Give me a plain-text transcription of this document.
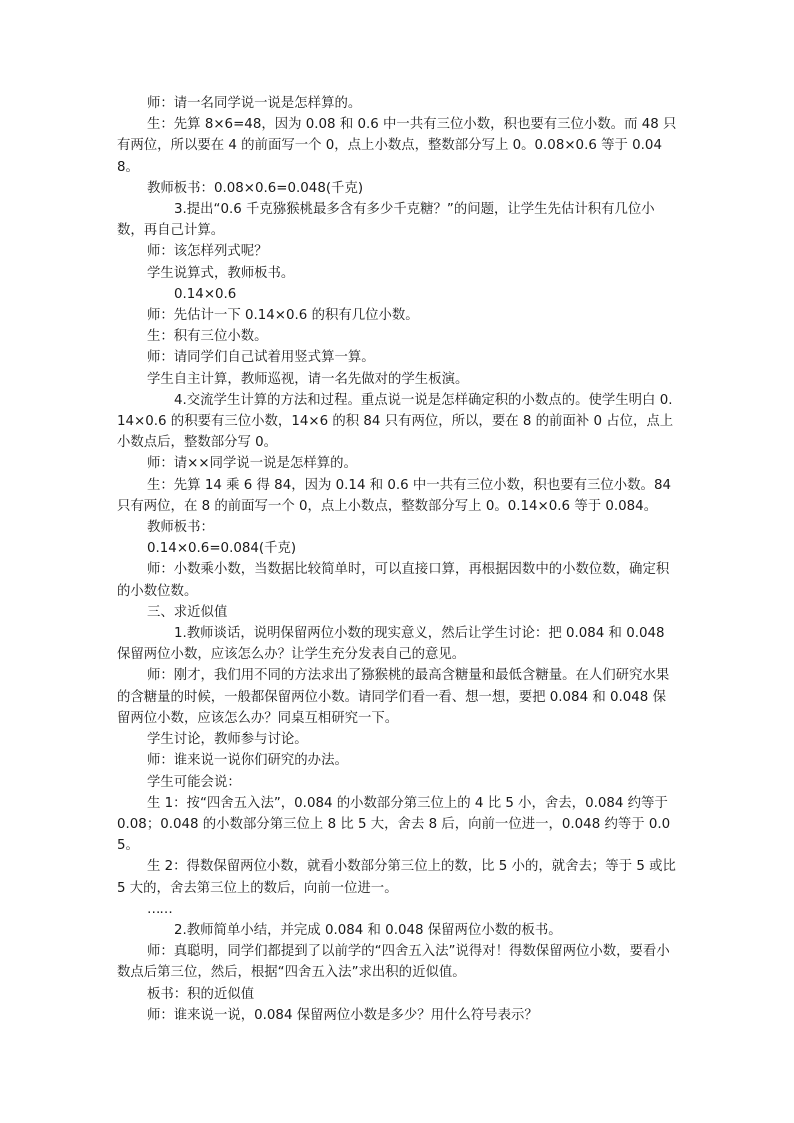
师：请一名同学说一说是怎样算的。

生：先算 8×6=48，因为 0.08 和 0.6 中一共有三位小数，积也要有三位小数。而 48 只有两位，所以要在 4 的前面写一个 0，点上小数点，整数部分写上 0。0.08×0.6 等于 0.048。

教师板书：0.08×0.6=0.048(千克)

3.提出“0.6 千克猕猴桃最多含有多少千克糖？”的问题，让学生先估计积有几位小数，再自己计算。

师：该怎样列式呢？

学生说算式，教师板书。

0.14×0.6

师：先估计一下 0.14×0.6 的积有几位小数。

生：积有三位小数。

师：请同学们自己试着用竖式算一算。

学生自主计算，教师巡视，请一名先做对的学生板演。

4.交流学生计算的方法和过程。重点说一说是怎样确定积的小数点的。使学生明白 0.14×0.6 的积要有三位小数，14×6 的积 84 只有两位，所以，要在 8 的前面补 0 占位，点上小数点后，整数部分写 0。

师：请××同学说一说是怎样算的。

生：先算 14 乘 6 得 84，因为 0.14 和 0.6 中一共有三位小数，积也要有三位小数。84 只有两位，在 8 的前面写一个 0，点上小数点，整数部分写上 0。0.14×0.6 等于 0.084。

教师板书：

0.14×0.6=0.084(千克)

师：小数乘小数，当数据比较简单时，可以直接口算，再根据因数中的小数位数，确定积的小数位数。

三、求近似值

1.教师谈话，说明保留两位小数的现实意义，然后让学生讨论：把 0.084 和 0.048 保留两位小数，应该怎么办？让学生充分发表自己的意见。

师：刚才，我们用不同的方法求出了猕猴桃的最高含糖量和最低含糖量。在人们研究水果的含糖量的时候，一般都保留两位小数。请同学们看一看、想一想，要把 0.084 和 0.048 保留两位小数，应该怎么办？同桌互相研究一下。

学生讨论，教师参与讨论。

师：谁来说一说你们研究的办法。

学生可能会说：

生 1：按“四舍五入法”，0.084 的小数部分第三位上的 4 比 5 小，舍去，0.084 约等于 0.08；0.048 的小数部分第三位上 8 比 5 大，舍去 8 后，向前一位进一，0.048 约等于 0.05。

生 2：得数保留两位小数，就看小数部分第三位上的数，比 5 小的，就舍去；等于 5 或比 5 大的，舍去第三位上的数后，向前一位进一。

……

2.教师简单小结，并完成 0.084 和 0.048 保留两位小数的板书。

师：真聪明，同学们都提到了以前学的“四舍五入法”说得对！得数保留两位小数，要看小数点后第三位，然后，根据“四舍五入法”求出积的近似值。

板书：积的近似值

师：谁来说一说，0.084 保留两位小数是多少？用什么符号表示？
